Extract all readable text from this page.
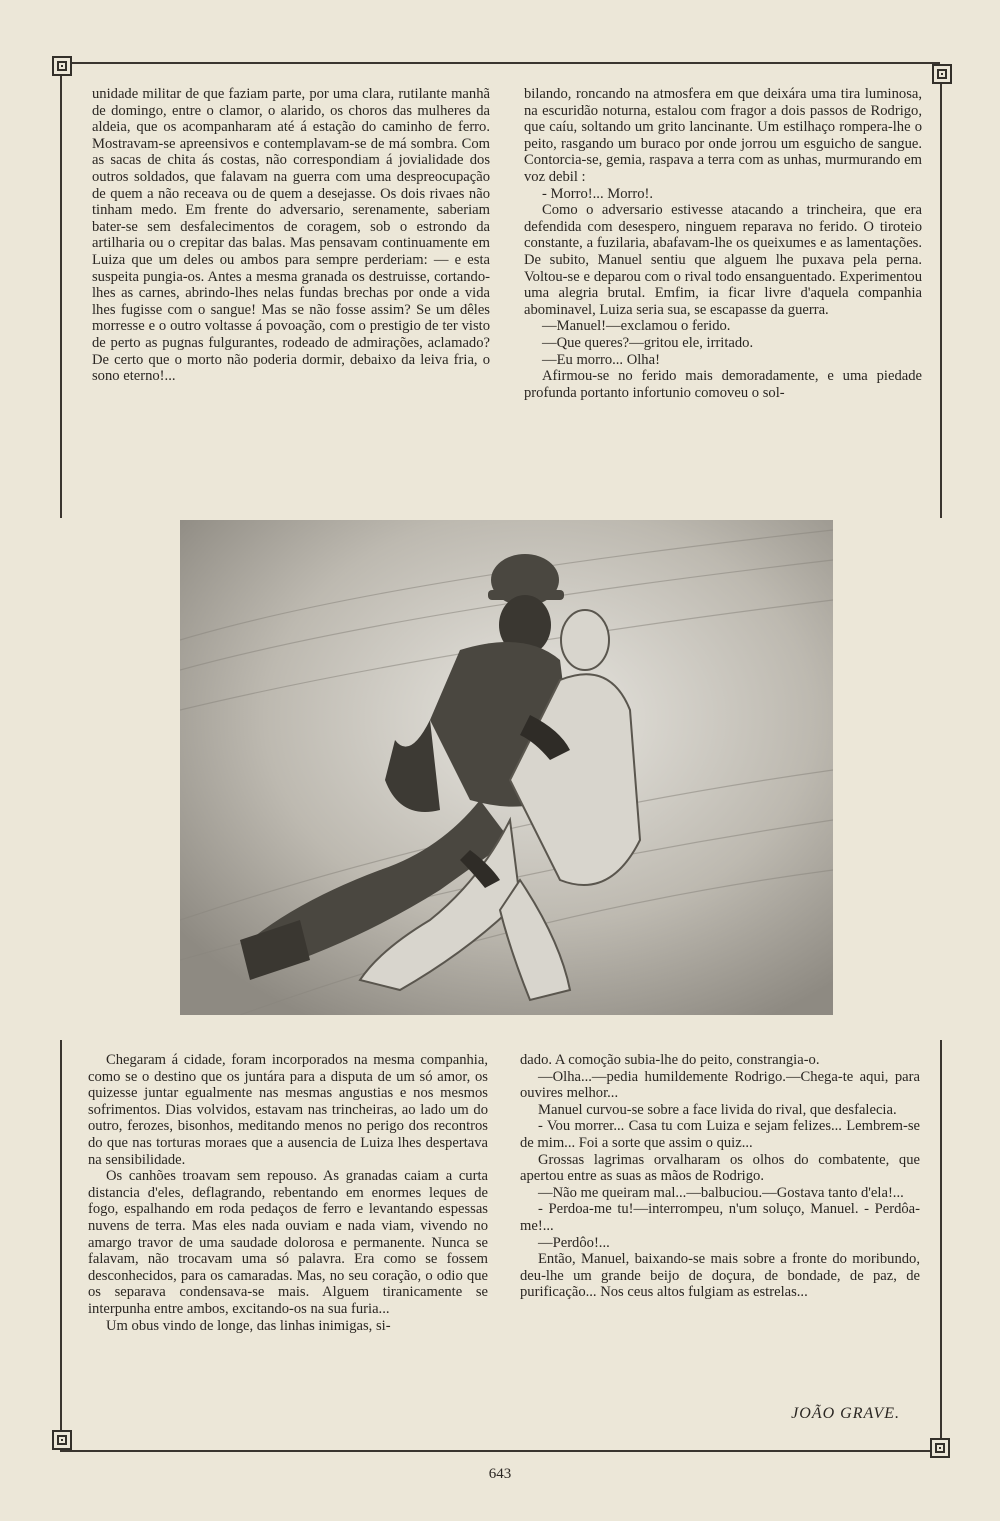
unidade militar de que faziam parte, por uma clara, rutilante manhã de domingo, entre o clamor, o alarido, os choros das mulheres da aldeia, que os acompanharam até á estação do caminho de ferro. Mostravam-se apreensivos e contemplavam-se de má sombra. Com as sacas de chita ás costas, não correspondiam á jovialidade dos outros soldados, que falavam na guerra com uma despreocupação de quem a não receava ou de quem a desejasse. Os dois rivaes não tinham medo. Em frente do adversario, serenamente, saberiam bater-se sem desfalecimentos de coragem, sob o estrondo da artilharia ou o crepitar das balas. Mas pensavam continuamente em Luiza que um deles ou ambos para sempre perderiam: — e esta suspeita pungia-os. Antes a mesma granada os destruisse, cortando-lhes as carnes, abrindo-lhes nelas fundas brechas por onde a vida lhes fugisse com o sangue! Mas se não fosse assim? Se um dêles morresse e o outro voltasse á povoação, com o prestigio de ter visto de perto as pugnas fulgurantes, rodeado de admirações, aclamado? De certo que o morto não poderia dormir, debaixo da leiva fria, o sono eterno!...

bilando, roncando na atmosfera em que deixára uma tira luminosa, na escuridão noturna, estalou com fragor a dois passos de Rodrigo, que caíu, soltando um grito lancinante. Um estilhaço rompera-lhe o peito, rasgando um buraco por onde jorrou um esguicho de sangue. Contorcia-se, gemia, raspava a terra com as unhas, murmurando em voz debil :

- Morro!... Morro!.

Como o adversario estivesse atacando a trincheira, que era defendida com desespero, ninguem reparava no ferido. O tiroteio constante, a fuzilaria, abafavam-lhe os queixumes e as lamentações. De subito, Manuel sentiu que alguem lhe puxava pela perna. Voltou-se e deparou com o rival todo ensanguentado. Experimentou uma alegria brutal. Emfim, ia ficar livre d'aquela companhia abominavel, Luiza seria sua, se escapasse da guerra.

—Manuel!—exclamou o ferido.

—Que queres?—gritou ele, irritado.

—Eu morro... Olha!

Afirmou-se no ferido mais demoradamente, e uma piedade profunda portanto infortunio comoveu o sol-

Chegaram á cidade, foram incorporados na mesma companhia, como se o destino que os juntára para a disputa de um só amor, os quizesse juntar egualmente nas mesmas angustias e nos mesmos sofrimentos. Dias volvidos, estavam nas trincheiras, ao lado um do outro, ferozes, bisonhos, meditando menos no perigo dos recontros do que nas torturas moraes que a ausencia de Luiza lhes despertava na sensibilidade.

Os canhões troavam sem repouso. As granadas caiam a curta distancia d'eles, deflagrando, rebentando em enormes leques de fogo, espalhando em roda pedaços de ferro e levantando espessas nuvens de terra. Mas eles nada ouviam e nada viam, vivendo no amargo travor de uma saudade dolorosa e permanente. Nunca se falavam, não trocavam uma só palavra. Era como se fossem desconhecidos, para os camaradas. Mas, no seu coração, o odio que os separava condensava-se mais. Alguem tiranicamente se interpunha entre ambos, excitando-os na sua furia...

Um obus vindo de longe, das linhas inimigas, si-

dado. A comoção subia-lhe do peito, constrangia-o.

—Olha...—pedia humildemente Rodrigo.—Chega-te aqui, para ouvires melhor...

Manuel curvou-se sobre a face livida do rival, que desfalecia.

- Vou morrer... Casa tu com Luiza e sejam felizes... Lembrem-se de mim... Foi a sorte que assim o quiz...

Grossas lagrimas orvalharam os olhos do combatente, que apertou entre as suas as mãos de Rodrigo.

—Não me queiram mal...—balbuciou.—Gostava tanto d'ela!...

- Perdoa-me tu!—interrompeu, n'um soluço, Manuel. - Perdôa-me!...

—Perdôo!...

Então, Manuel, baixando-se mais sobre a fronte do moribundo, deu-lhe um grande beijo de doçura, de bondade, de paz, de purificação... Nos ceus altos fulgiam as estrelas...

JOÃO GRAVE.
643
